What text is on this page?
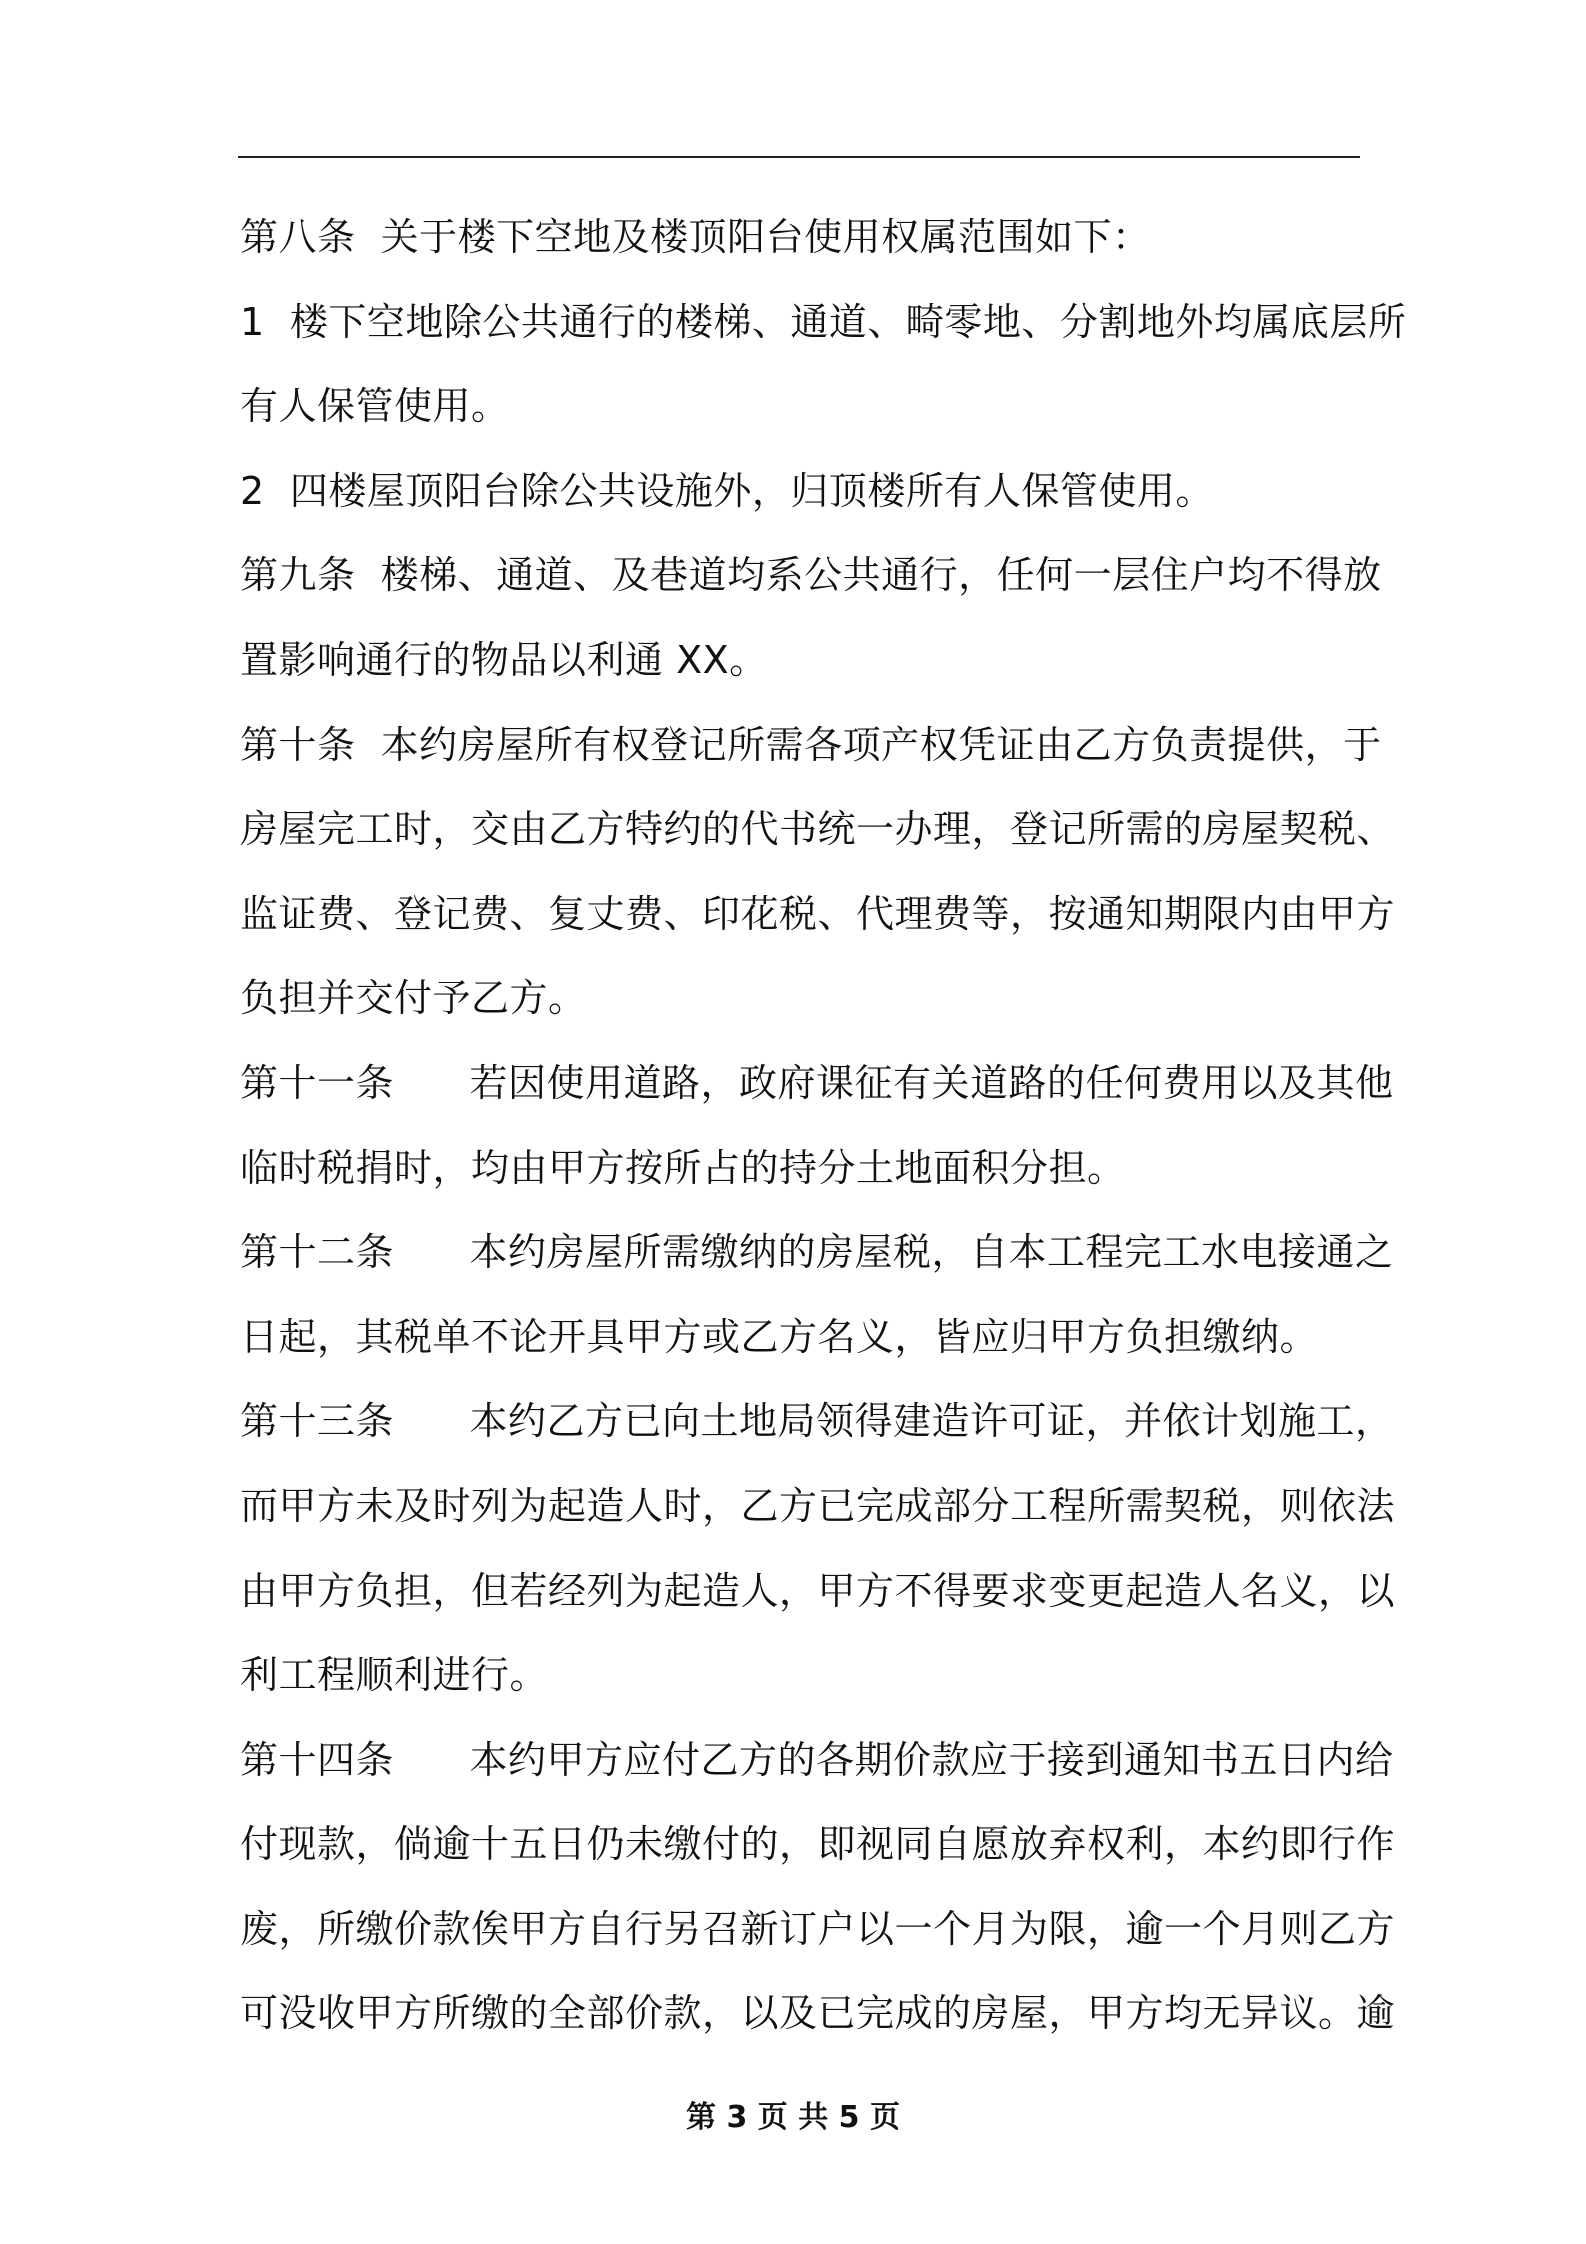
第八条  关于楼下空地及楼顶阳台使用权属范围如下：
1  楼下空地除公共通行的楼梯、通道、畸零地、分割地外均属底层所
有人保管使用。
2  四楼屋顶阳台除公共设施外，归顶楼所有人保管使用。
第九条  楼梯、通道、及巷道均系公共通行，任何一层住户均不得放
置影响通行的物品以利通 XX。
第十条  本约房屋所有权登记所需各项产权凭证由乙方负责提供，于
房屋完工时，交由乙方特约的代书统一办理，登记所需的房屋契税、
监证费、登记费、复丈费、印花税、代理费等，按通知期限内由甲方
负担并交付予乙方。
第十一条      若因使用道路，政府课征有关道路的任何费用以及其他
临时税捐时，均由甲方按所占的持分土地面积分担。
第十二条      本约房屋所需缴纳的房屋税，自本工程完工水电接通之
日起，其税单不论开具甲方或乙方名义，皆应归甲方负担缴纳。
第十三条      本约乙方已向土地局领得建造许可证，并依计划施工，
而甲方未及时列为起造人时，乙方已完成部分工程所需契税，则依法
由甲方负担，但若经列为起造人，甲方不得要求变更起造人名义，以
利工程顺利进行。
第十四条      本约甲方应付乙方的各期价款应于接到通知书五日内给
付现款，倘逾十五日仍未缴付的，即视同自愿放弃权利，本约即行作
废，所缴价款俟甲方自行另召新订户以一个月为限，逾一个月则乙方
可没收甲方所缴的全部价款，以及已完成的房屋，甲方均无异议。逾
第 3 页 共 5 页
